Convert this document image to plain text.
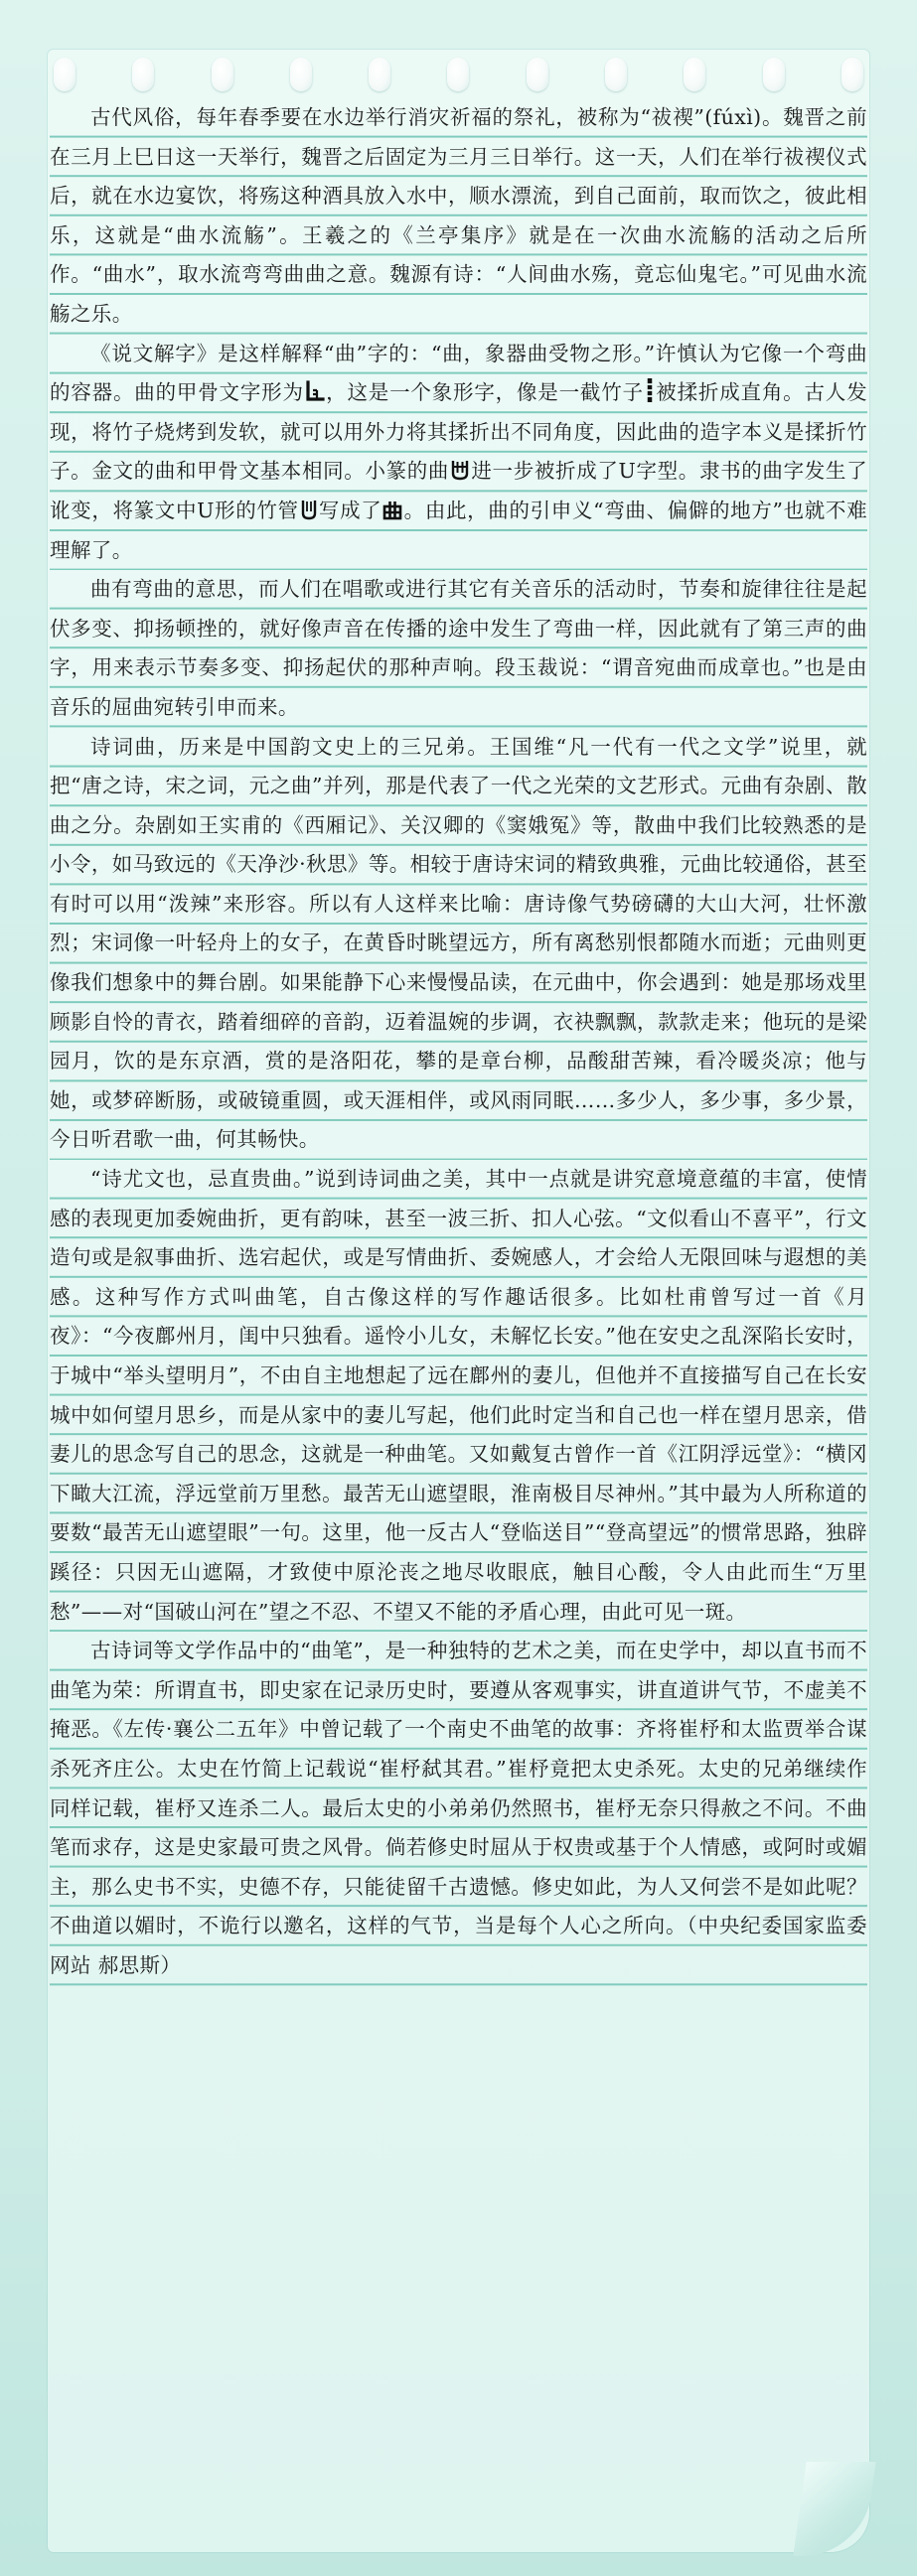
古代风俗，每年春季要在水边举行消灾祈福的祭礼，被称为“祓禊”(fúxì)。魏晋之前在三月上巳日这一天举行，魏晋之后固定为三月三日举行。这一天，人们在举行祓禊仪式后，就在水边宴饮，将殇这种酒具放入水中，顺水漂流，到自己面前，取而饮之，彼此相乐，这就是“曲水流觞”。王羲之的《兰亭集序》就是在一次曲水流觞的活动之后所作。“曲水”，取水流弯弯曲曲之意。魏源有诗：“人间曲水殇，竟忘仙鬼宅。”可见曲水流觞之乐。

《说文解字》是这样解释“曲”字的：“曲，象器曲受物之形。”许慎认为它像一个弯曲的容器。曲的甲骨文字形为 ，这是一个象形字，像是一截竹子 被揉折成直角。古人发现，将竹子烧烤到发软，就可以用外力将其揉折出不同角度，因此曲的造字本义是揉折竹子。金文的曲和甲骨文基本相同。小篆的曲 进一步被折成了U字型。隶书的曲字发生了讹变，将篆文中U形的竹管 写成了 。由此，曲的引申义“弯曲、偏僻的地方”也就不难理解了。

曲有弯曲的意思，而人们在唱歌或进行其它有关音乐的活动时，节奏和旋律往往是起伏多变、抑扬顿挫的，就好像声音在传播的途中发生了弯曲一样，因此就有了第三声的曲字，用来表示节奏多变、抑扬起伏的那种声响。段玉裁说：“谓音宛曲而成章也。”也是由音乐的屈曲宛转引申而来。

诗词曲，历来是中国韵文史上的三兄弟。王国维“凡一代有一代之文学”说里，就把“唐之诗，宋之词，元之曲”并列，那是代表了一代之光荣的文艺形式。元曲有杂剧、散曲之分。杂剧如王实甫的《西厢记》、关汉卿的《窦娥冤》等，散曲中我们比较熟悉的是小令，如马致远的《天净沙·秋思》等。相较于唐诗宋词的精致典雅，元曲比较通俗，甚至有时可以用“泼辣”来形容。所以有人这样来比喻：唐诗像气势磅礴的大山大河，壮怀激烈；宋词像一叶轻舟上的女子，在黄昏时眺望远方，所有离愁别恨都随水而逝；元曲则更像我们想象中的舞台剧。如果能静下心来慢慢品读，在元曲中，你会遇到：她是那场戏里顾影自怜的青衣，踏着细碎的音韵，迈着温婉的步调，衣袂飘飘，款款走来；他玩的是梁园月，饮的是东京酒，赏的是洛阳花，攀的是章台柳，品酸甜苦辣，看冷暖炎凉；他与她，或梦碎断肠，或破镜重圆，或天涯相伴，或风雨同眠……多少人，多少事，多少景，今日听君歌一曲，何其畅快。

“诗尤文也，忌直贵曲。”说到诗词曲之美，其中一点就是讲究意境意蕴的丰富，使情感的表现更加委婉曲折，更有韵味，甚至一波三折、扣人心弦。“文似看山不喜平”，行文造句或是叙事曲折、选宕起伏，或是写情曲折、委婉感人，才会给人无限回味与遐想的美感。这种写作方式叫曲笔，自古像这样的写作趣话很多。比如杜甫曾写过一首《月夜》：“今夜鄜州月，闺中只独看。遥怜小儿女，未解忆长安。”他在安史之乱深陷长安时，于城中“举头望明月”，不由自主地想起了远在鄜州的妻儿，但他并不直接描写自己在长安城中如何望月思乡，而是从家中的妻儿写起，他们此时定当和自己也一样在望月思亲，借妻儿的思念写自己的思念，这就是一种曲笔。又如戴复古曾作一首《江阴浮远堂》：“横冈下瞰大江流，浮远堂前万里愁。最苦无山遮望眼，淮南极目尽神州。”其中最为人所称道的要数“最苦无山遮望眼”一句。这里，他一反古人“登临送目”“登高望远”的惯常思路，独辟蹊径：只因无山遮隔，才致使中原沦丧之地尽收眼底，触目心酸，令人由此而生“万里愁”——对“国破山河在”望之不忍、不望又不能的矛盾心理，由此可见一斑。

古诗词等文学作品中的“曲笔”，是一种独特的艺术之美，而在史学中，却以直书而不曲笔为荣：所谓直书，即史家在记录历史时，要遵从客观事实，讲直道讲气节，不虚美不掩恶。《左传·襄公二五年》中曾记载了一个南史不曲笔的故事：齐将崔杼和太监贾举合谋杀死齐庄公。太史在竹简上记载说“崔杼弑其君。”崔杼竟把太史杀死。太史的兄弟继续作同样记载，崔杼又连杀二人。最后太史的小弟弟仍然照书，崔杼无奈只得赦之不问。不曲笔而求存，这是史家最可贵之风骨。倘若修史时屈从于权贵或基于个人情感，或阿时或媚主，那么史书不实，史德不存，只能徒留千古遗憾。修史如此，为人又何尝不是如此呢？不曲道以媚时，不诡行以邀名，这样的气节，当是每个人心之所向。（中央纪委国家监委网站 郝思斯）
